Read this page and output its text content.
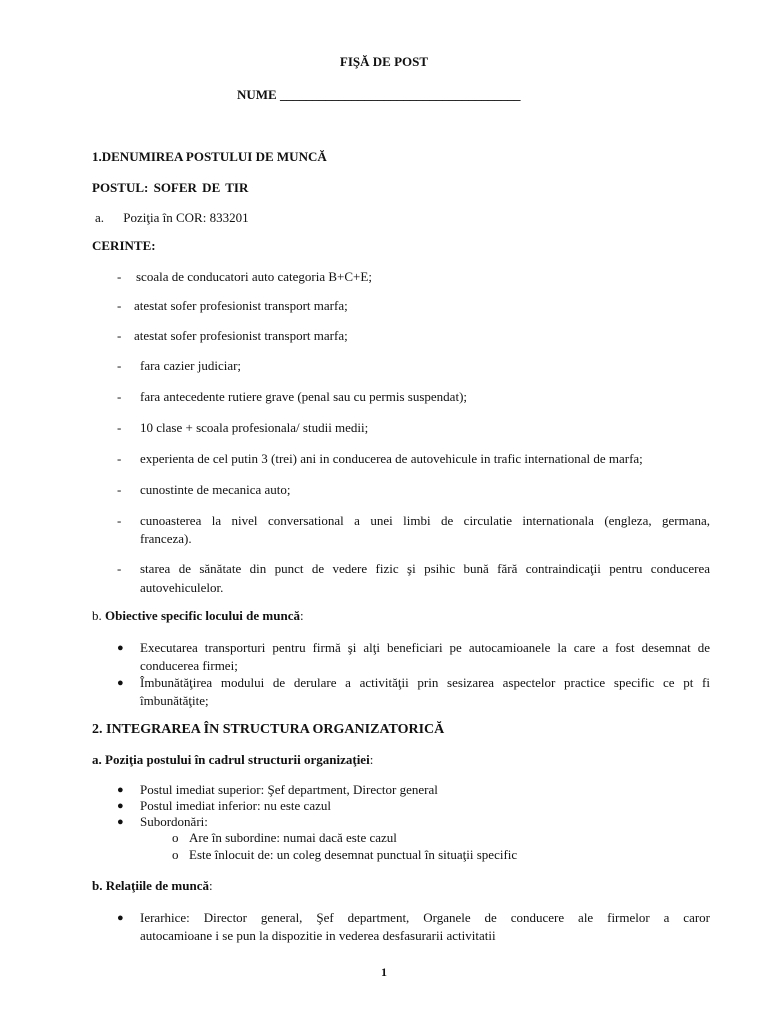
FIŞĂ DE POST
NUME _____________________________________
1.DENUMIREA POSTULUI DE MUNCĂ
POSTUL: SOFER DE TIR
a. Poziţia în COR: 833201
CERINTE:
- scoala de conducatori auto categoria B+C+E;
- atestat sofer profesionist transport marfa;
- atestat sofer profesionist transport marfa;
- fara cazier judiciar;
- fara antecedente rutiere grave (penal sau cu permis suspendat);
- 10 clase + scoala profesionala/ studii medii;
- experienta de cel putin 3 (trei) ani in conducerea de autovehicule in trafic international de marfa;
- cunostinte de mecanica auto;
- cunoasterea la nivel conversational a unei limbi de circulatie internationala (engleza, germana,
franceza).
- starea de sănătate din punct de vedere fizic şi psihic bună fără contraindicaţii pentru conducerea
autovehiculelor.
b. Obiective specific locului de muncă:
● Executarea transporturi pentru firmă şi alţi beneficiari pe autocamioanele la care a fost desemnat de
conducerea firmei;
● Îmbunătăţirea modului de derulare a activităţii prin sesizarea aspectelor practice specific ce pt fi
îmbunătăţite;
2. INTEGRAREA ÎN STRUCTURA ORGANIZATORICĂ
a. Poziţia postului în cadrul structurii organizaţiei:
● Postul imediat superior: Şef department, Director general
● Postul imediat inferior: nu este cazul
● Subordonări:
o Are în subordine: numai dacă este cazul
o Este înlocuit de: un coleg desemnat punctual în situaţii specific
b. Relaţiile de muncă:
● Ierarhice: Director general, Şef department, Organele de conducere ale firmelor a caror
autocamioane i se pun la dispozitie in vederea desfasurarii activitatii
1
